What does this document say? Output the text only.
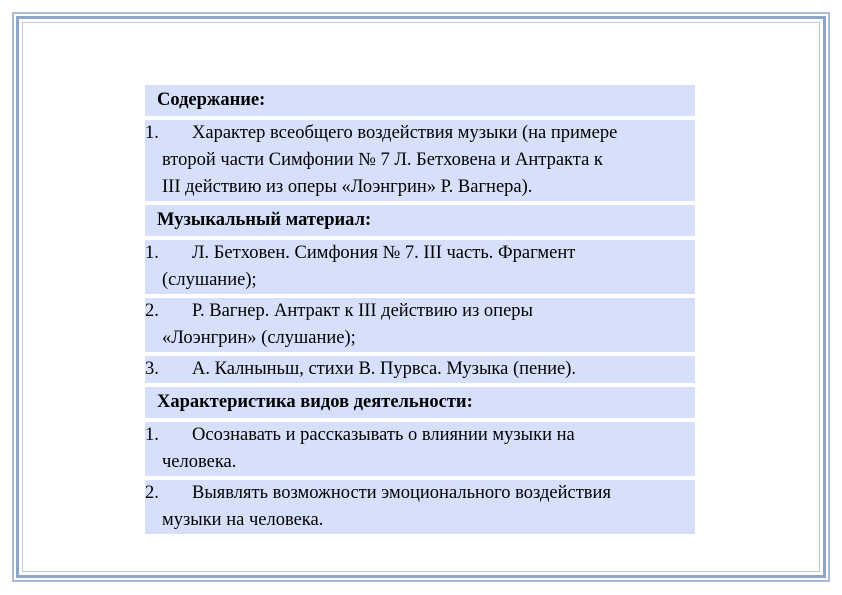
Содержание:
1.	Характер всеобщего воздействия музыки (на примере
второй части Симфонии № 7 Л. Бетховена и Антракта к
III действию из оперы «Лоэнгрин» Р. Вагнера).
Музыкальный материал:
1.	Л. Бетховен. Симфония № 7. III часть. Фрагмент
(слушание);
2.	Р. Вагнер. Антракт к III действию из оперы
«Лоэнгрин» (слушание);
3.	А. Калныньш, стихи В. Пурвса. Музыка (пение).
Характеристика видов деятельности:
1.	Осознавать и рассказывать о влиянии музыки на
человека.
2.	Выявлять возможности эмоционального воздействия
музыки на человека.
